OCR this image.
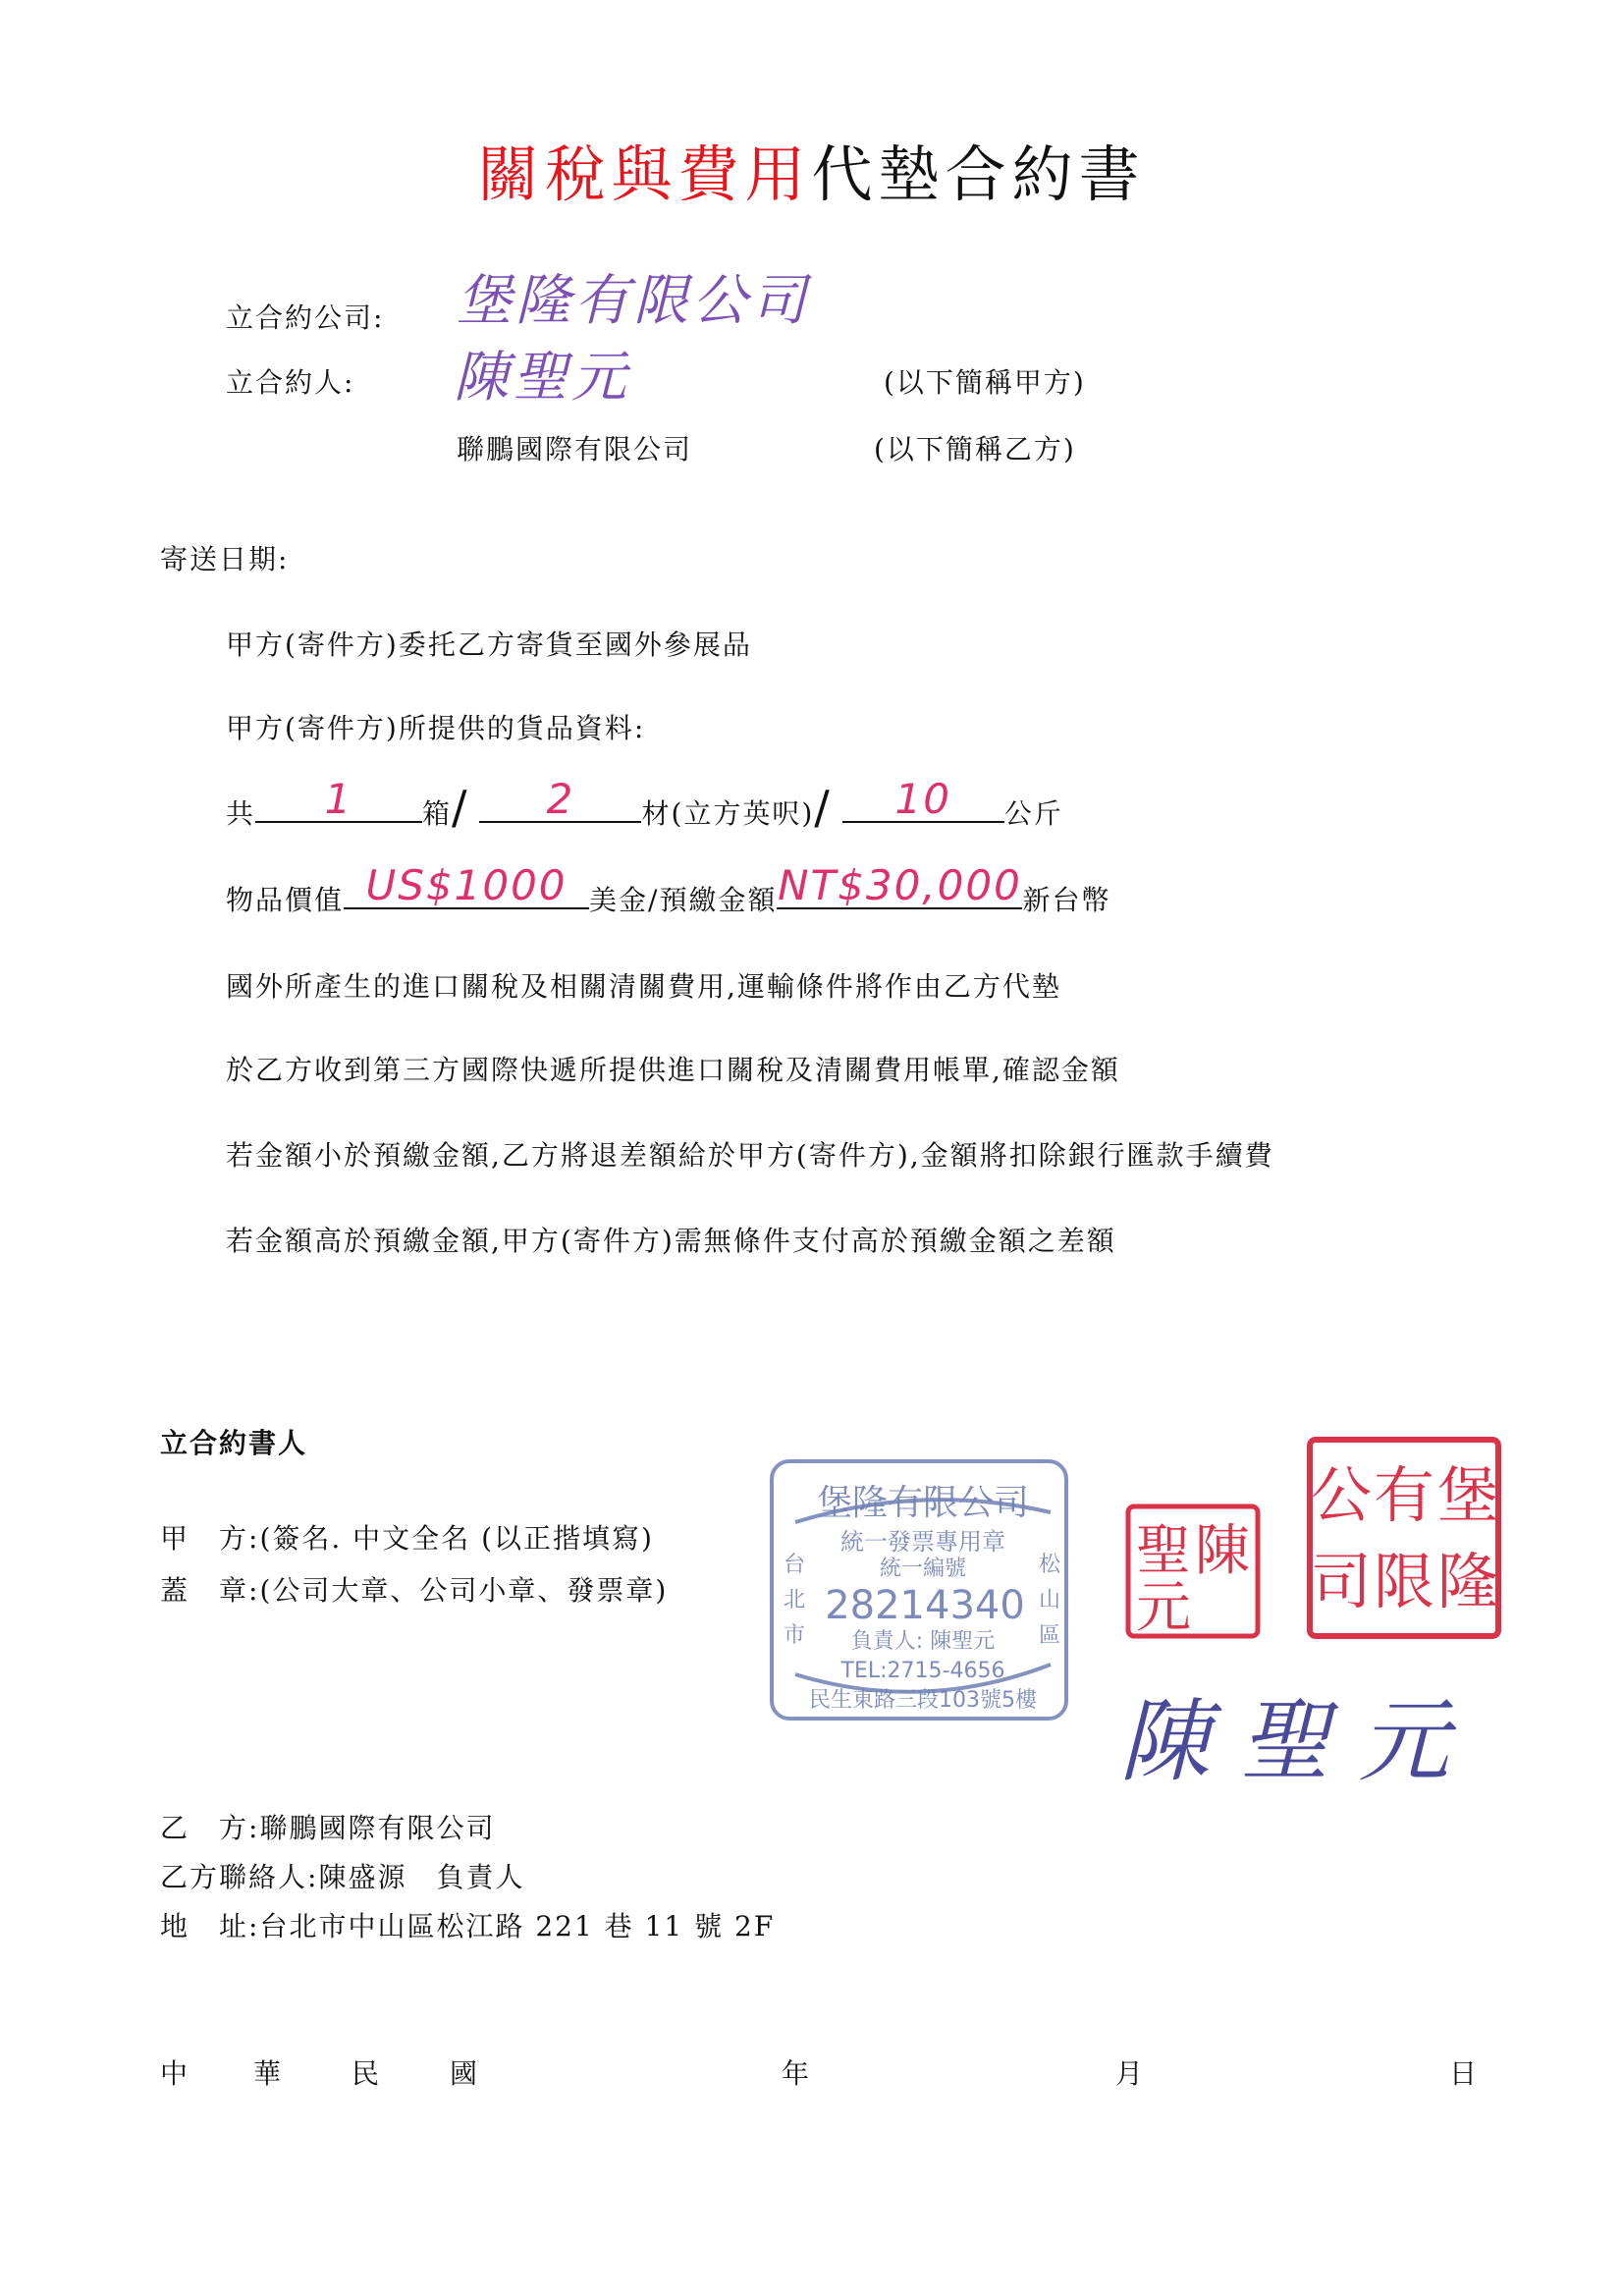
關稅與費用代墊合約書
立合約公司: 堡隆有限公司
立合約人: 陳聖元	(以下簡稱甲方)
聯鵬國際有限公司	(以下簡稱乙方)
寄送日期:
甲方(寄件方)委托乙方寄貨至國外參展品
甲方(寄件方)所提供的貨品資料:
共	1	箱/	2	材(立方英呎)/	10	公斤
物品價值 US$1000 美金/預繳金額 NT$30,000 新台幣
國外所產生的進口關稅及相關清關費用,運輸條件將作由乙方代墊
於乙方收到第三方國際快遞所提供進口關稅及清關費用帳單,確認金額
若金額小於預繳金額,乙方將退差額給於甲方(寄件方),金額將扣除銀行匯款手續費
若金額高於預繳金額,甲方(寄件方)需無條件支付高於預繳金額之差額
立合約書人
甲　方:(簽名. 中文全名 (以正揩填寫)
蓋　章:(公司大章、公司小章、發票章)
堡隆有限公司
統一發票專用章
統一編號
28214340
台
北
市
松
山
區
負責人: 陳聖元
TEL:2715-4656
民生東路三段103號5樓
陳
聖
元
堡
隆
有
限
公
司
陳聖元
乙　方:聯鵬國際有限公司
乙方聯絡人:陳盛源　負責人
地　址:台北市中山區松江路 221 巷 11 號 2F
中 華 民 國	年	月	日
